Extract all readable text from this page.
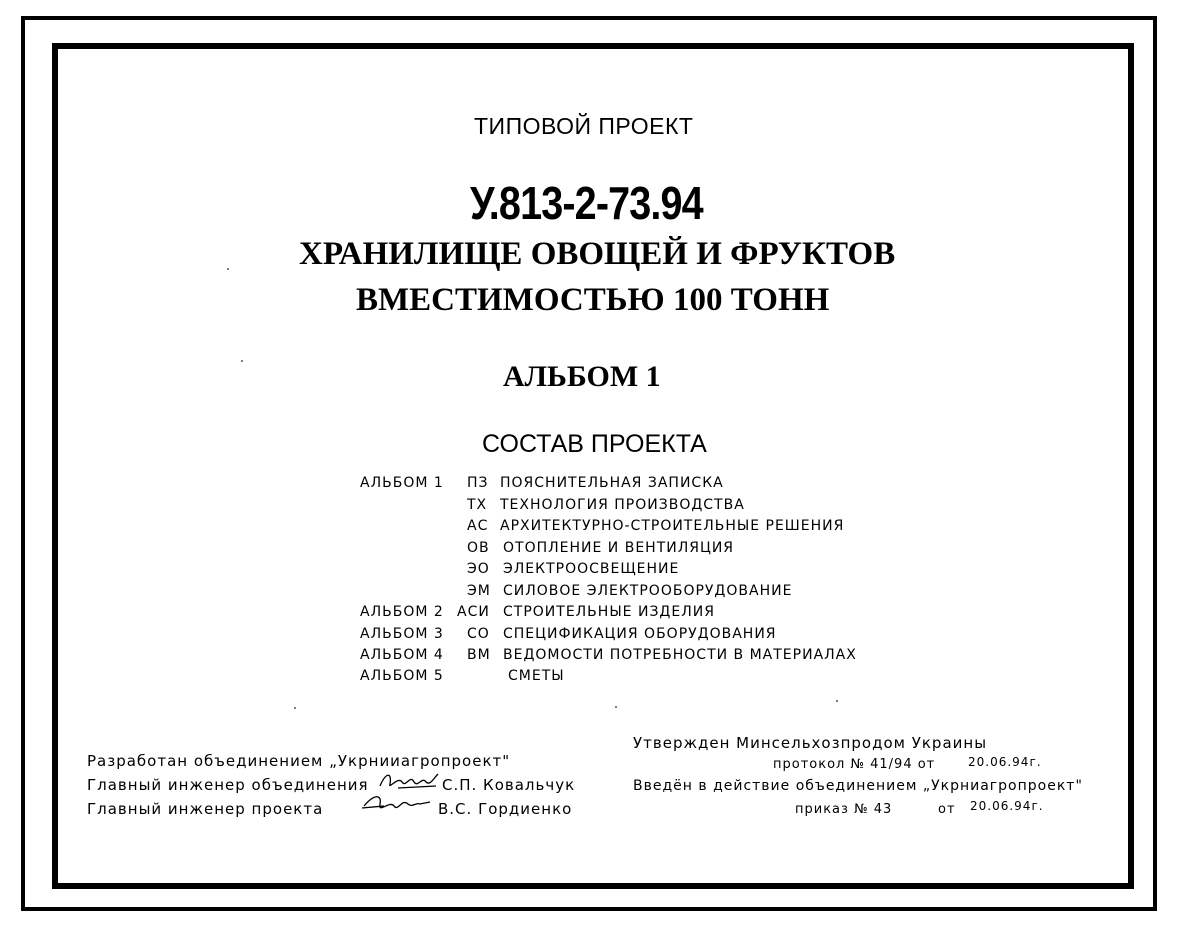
ТИПОВОЙ ПРОЕКТ
У.813-2-73.94
ХРАНИЛИЩЕ ОВОЩЕЙ И ФРУКТОВ
ВМЕСТИМОСТЬЮ 100 ТОНН
АЛЬБОМ 1
СОСТАВ ПРОЕКТА
АЛЬБОМ 1 ПЗ ПОЯСНИТЕЛЬНАЯ ЗАПИСКА
ТХ ТЕХНОЛОГИЯ ПРОИЗВОДСТВА
АС АРХИТЕКТУРНО-СТРОИТЕЛЬНЫЕ РЕШЕНИЯ
ОВ ОТОПЛЕНИЕ И ВЕНТИЛЯЦИЯ
ЭО ЭЛЕКТРООСВЕЩЕНИЕ
ЭМ СИЛОВОЕ ЭЛЕКТРООБОРУДОВАНИЕ
АЛЬБОМ 2 АСИ СТРОИТЕЛЬНЫЕ ИЗДЕЛИЯ
АЛЬБОМ 3 СО СПЕЦИФИКАЦИЯ ОБОРУДОВАНИЯ
АЛЬБОМ 4 ВМ ВЕДОМОСТИ ПОТРЕБНОСТИ В МАТЕРИАЛАХ
АЛЬБОМ 5	СМЕТЫ
Разработан объединением „Укрнииагропроект"
Главный инженер объединения	С.П. Ковальчук
Главный инженер проекта	В.С. Гордиенко
Утвержден Минсельхозпродом Украины
протокол № 41/94 от	20.06.94г.
Введён в действие объединением „Укрниагропроект"
приказ № 43	от 20.06.94г.
